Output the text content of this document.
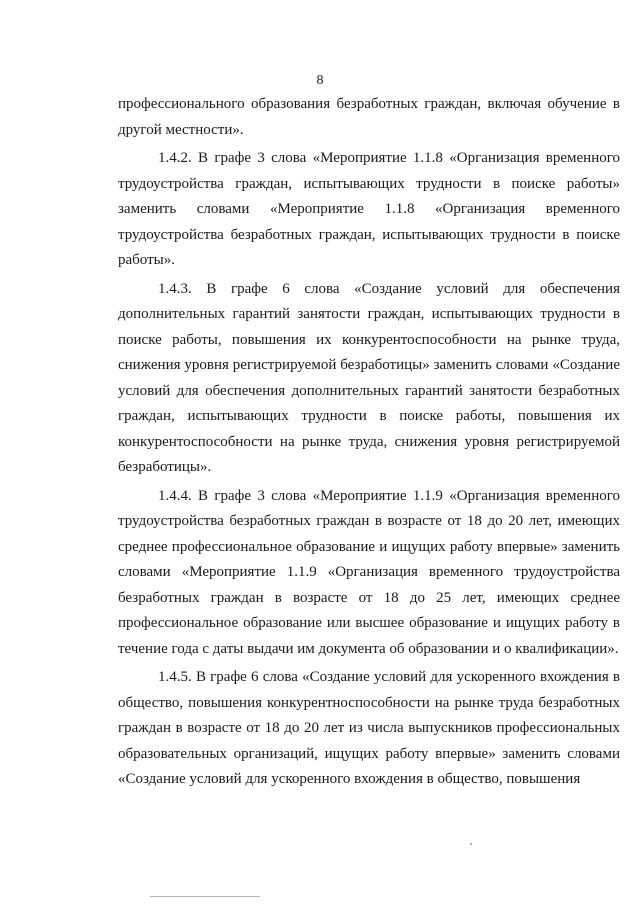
8

профессионального образования безработных граждан, включая обучение в другой местности».

1.4.2. В графе 3 слова «Мероприятие 1.1.8 «Организация временного трудоустройства граждан, испытывающих трудности в поиске работы» заменить словами «Мероприятие 1.1.8 «Организация временного трудоустройства безработных граждан, испытывающих трудности в поиске работы».

1.4.3. В графе 6 слова «Создание условий для обеспечения дополнительных гарантий занятости граждан, испытывающих трудности в поиске работы, повышения их конкурентоспособности на рынке труда, снижения уровня регистрируемой безработицы» заменить словами «Создание условий для обеспечения дополнительных гарантий занятости безработных граждан, испытывающих трудности в поиске работы, повышения их конкурентоспособности на рынке труда, снижения уровня регистрируемой безработицы».

1.4.4. В графе 3 слова «Мероприятие 1.1.9 «Организация временного трудоустройства безработных граждан в возрасте от 18 до 20 лет, имеющих среднее профессиональное образование и ищущих работу впервые» заменить словами «Мероприятие 1.1.9 «Организация временного трудоустройства безработных граждан в возрасте от 18 до 25 лет, имеющих среднее профессиональное образование или высшее образование и ищущих работу в течение года с даты выдачи им документа об образовании и о квалификации».

1.4.5. В графе 6 слова «Создание условий для ускоренного вхождения в общество, повышения конкурентноспособности на рынке труда безработных граждан в возрасте от 18 до 20 лет из числа выпускников профессиональных образовательных организаций, ищущих работу впервые» заменить словами «Создание условий для ускоренного вхождения в общество, повышения
